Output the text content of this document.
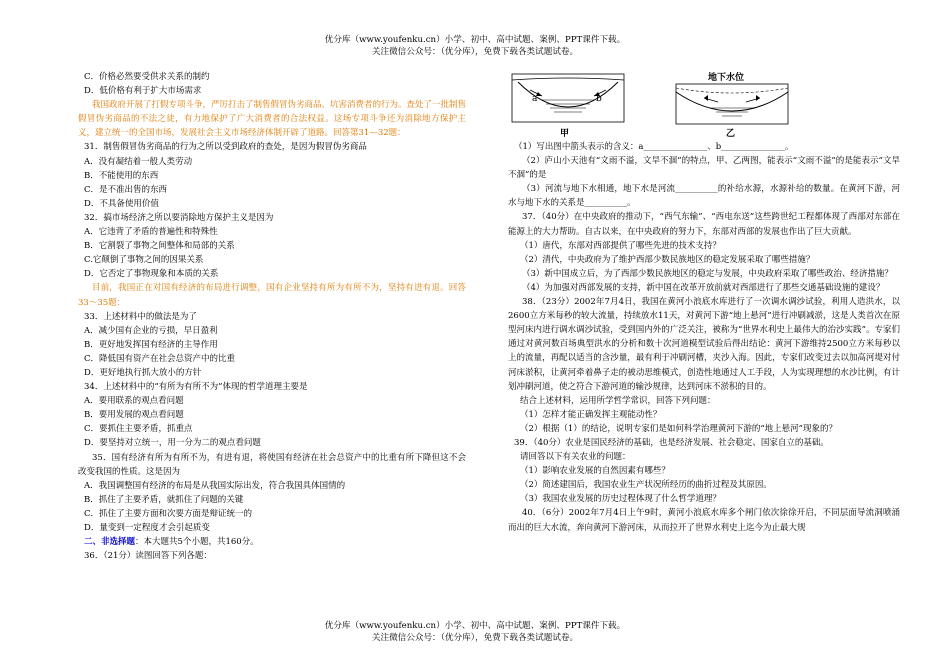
优分库（www.youfenku.cn）小学、初中、高中试题、案例、PPT课件下载。
关注微信公众号：（优分库），免费下载各类试题试卷。
C．价格必然要受供求关系的制约
D．低价格有利于扩大市场需求
我国政府开展了打假专项斗争，严厉打击了制售假冒伪劣商品、坑害消费者的行为。查处了一批制售假冒伪劣商品的不法之徒，有力地保护了广大消费者的合法权益。这场专项斗争还为消除地方保护主义，建立统一的全国市场，发展社会主义市场经济体制开辟了道路。回答第31—32题：
31．制售假冒伪劣商品的行为之所以受到政府的查处，是因为假冒伪劣商品
A．没有凝结着一般人类劳动
B．不能使用的东西
C．是不准出售的东西
D．不具备使用价值
32．搞市场经济之所以要消除地方保护主义是因为
A．它违背了矛盾的普遍性和特殊性
B．它割裂了事物之间整体和局部的关系
C.它颠倒了事物之间的因果关系
D．它否定了事物现象和本质的关系
目前，我国正在对国有经济的布局进行调整，国有企业坚持有所为有所不为，坚持有进有退。回答33～35题：
33．上述材料中的做法是为了
A．减少国有企业的亏损，早日盈利
B．更好地发挥国有经济的主导作用
C．降低国有资产在社会总资产中的比重
D．更好地执行抓大放小的方针
34．上述材料中的“有所为有所不为”体现的哲学道理主要是
A．要用联系的观点看问题
B．要用发展的观点看问题
C．要抓住主要矛盾，抓重点
D．要坚持对立统一，用一分为二的观点看问题
35．国有经济有所为有所不为，有进有退，将使国有经济在社会总资产中的比重有所下降但这不会改变我国的性质。这是因为
A．我国调整国有经济的布局是从我国实际出发，符合我国具体国情的
B．抓住了主要矛盾，就抓住了问题的关键
C．抓住了主要方面和次要方面是辩证统一的
D．量变到一定程度才会引起质变
二、非选择题：本大题共5个小题，共160分。
36．（21分）读图回答下列各题：
地下水位
a	b
甲	乙
（1）写出图中箭头表示的含义：a_______________、b_______________。
（2）庐山小天池有“文雨不溢，文旱不涸”的特点，甲、乙两图，能表示“文雨不溢”的是能表示“文旱不涸”的是
（3）河流与地下水相通，地下水是河流__________的补给水源，水源补给的数量。在黄河下游，河水与地下水的关系是__________。
37．（40分）在中央政府的推动下，“西气东输”、“西电东送”这些跨世纪工程都体现了西部对东部在能源上的大力帮助。自古以来，在中央政府的努力下，东部对西部的发展也作出了巨大贡献。
（1）唐代，东部对西部提供了哪些先进的技术支持？
（2）清代，中央政府为了维护西部少数民族地区的稳定发展采取了哪些措施？
（3）新中国成立后，为了西部少数民族地区的稳定与发展，中央政府采取了哪些政治、经济措施？
（4）为加强对西部发展的支持，新中国在改革开放前就对西部进行了那些交通基础设施的建设？
38．（23分）2002年7月4日，我国在黄河小浪底水库进行了一次调水调沙试验，利用人造洪水，以2600立方米每秒的较大流量，持续放水11天，对黄河下游“地上悬河”进行冲刷减淤，这是人类首次在原型河床内进行调水调沙试验，受到国内外的广泛关注，被称为“世界水利史上最伟大的治沙实践”。专家们通过对黄河数百场典型洪水的分析和数十次河道模型试验后得出结论：黄河下游维持2500立方米每秒以上的流量，再配以适当的含沙量，最有利于冲刷河槽，夹沙入海。因此，专家们改变过去以加高河堤对付河床淤积，让黄河牵着鼻子走的被动思维模式，创造性地通过人工手段，人为实现理想的水沙比例，有计划冲刷河道，使之符合下游河道的输沙规律，达到河床不淤积的目的。
结合上述材料，运用所学哲学常识，回答下列问题：
（1）怎样才能正确发挥主观能动性？
（2）根据（1）的结论，说明专家们是如何科学治理黄河下游的“地上悬河”现象的？
39．（40分）农业是国民经济的基础，也是经济发展、社会稳定、国家自立的基础。
请回答以下有关农业的问题：
（1）影响农业发展的自然因素有哪些？
（2）简述建国后，我国农业生产状况所经历的曲折过程及其原因。
（3）我国农业发展的历史过程体现了什么哲学道理？
40．（6分）2002年7月4日上午9时，黄河小浪底水库多个闸门依次徐徐开启，不同层面导流洞喷涌而出的巨大水流，奔向黄河下游河床，从而拉开了世界水利史上迄今为止最大规
优分库（www.youfenku.cn）小学、初中、高中试题、案例、PPT课件下载。
关注微信公众号：（优分库），免费下载各类试题试卷。
